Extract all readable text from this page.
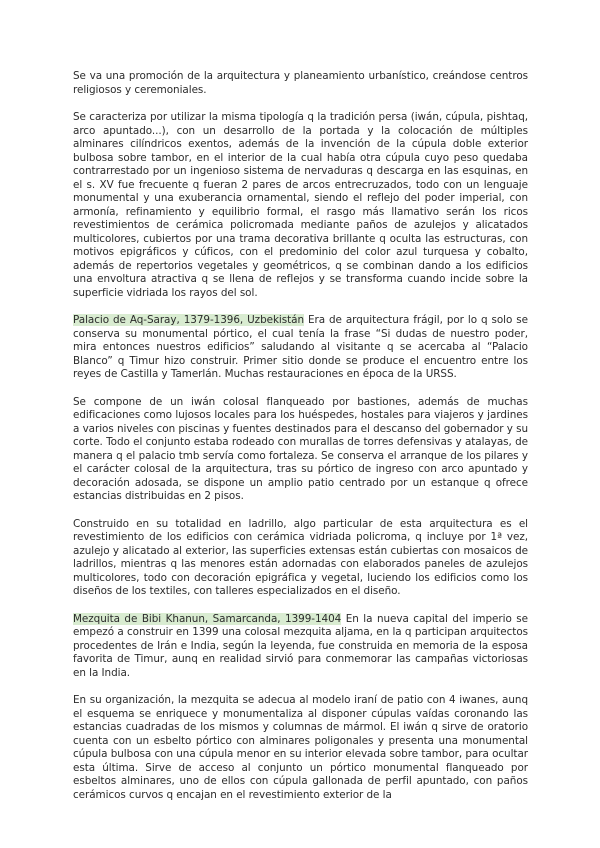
Se va una promoción de la arquitectura y planeamiento urbanístico, creándose centros religiosos y ceremoniales.

Se caracteriza por utilizar la misma tipología q la tradición persa (iwán, cúpula, pishtaq, arco apuntado...), con un desarrollo de la portada y la colocación de múltiples alminares cilíndricos exentos, además de la invención de la cúpula doble exterior bulbosa sobre tambor, en el interior de la cual había otra cúpula cuyo peso quedaba contrarrestado por un ingenioso sistema de nervaduras q descarga en las esquinas, en el s. XV fue frecuente q fueran 2 pares de arcos entrecruzados, todo con un lenguaje monumental y una exuberancia ornamental, siendo el reflejo del poder imperial, con armonía, refinamiento y equilibrio formal, el rasgo más llamativo serán los ricos revestimientos de cerámica policromada mediante paños de azulejos y alicatados multicolores, cubiertos por una trama decorativa brillante q oculta las estructuras, con motivos epigráficos y cúficos, con el predominio del color azul turquesa y cobalto, además de repertorios vegetales y geométricos, q se combinan dando a los edificios una envoltura atractiva q se llena de reflejos y se transforma cuando incide sobre la superficie vidriada los rayos del sol.

Palacio de Aq-Saray, 1379-1396, Uzbekistán Era de arquitectura frágil, por lo q solo se conserva su monumental pórtico, el cual tenía la frase “Si dudas de nuestro poder, mira entonces nuestros edificios” saludando al visitante q se acercaba al “Palacio Blanco” q Timur hizo construir. Primer sitio donde se produce el encuentro entre los reyes de Castilla y Tamerlán. Muchas restauraciones en época de la URSS.

Se compone de un iwán colosal flanqueado por bastiones, además de muchas edificaciones como lujosos locales para los huéspedes, hostales para viajeros y jardines a varios niveles con piscinas y fuentes destinados para el descanso del gobernador y su corte. Todo el conjunto estaba rodeado con murallas de torres defensivas y atalayas, de manera q el palacio tmb servía como fortaleza. Se conserva el arranque de los pilares y el carácter colosal de la arquitectura, tras su pórtico de ingreso con arco apuntado y decoración adosada, se dispone un amplio patio centrado por un estanque q ofrece estancias distribuidas en 2 pisos.

Construido en su totalidad en ladrillo, algo particular de esta arquitectura es el revestimiento de los edificios con cerámica vidriada policroma, q incluye por 1ª vez, azulejo y alicatado al exterior, las superficies extensas están cubiertas con mosaicos de ladrillos, mientras q las menores están adornadas con elaborados paneles de azulejos multicolores, todo con decoración epigráfica y vegetal, luciendo los edificios como los diseños de los textiles, con talleres especializados en el diseño.

Mezquita de Bibi Khanun, Samarcanda, 1399-1404 En la nueva capital del imperio se empezó a construir en 1399 una colosal mezquita aljama, en la q participan arquitectos procedentes de Irán e India, según la leyenda, fue construida en memoria de la esposa favorita de Timur, aunq en realidad sirvió para conmemorar las campañas victoriosas en la India.

En su organización, la mezquita se adecua al modelo iraní de patio con 4 iwanes, aunq el esquema se enriquece y monumentaliza al disponer cúpulas vaídas coronando las estancias cuadradas de los mismos y columnas de mármol. El iwán q sirve de oratorio cuenta con un esbelto pórtico con alminares poligonales y presenta una monumental cúpula bulbosa con una cúpula menor en su interior elevada sobre tambor, para ocultar esta última. Sirve de acceso al conjunto un pórtico monumental flanqueado por esbeltos alminares, uno de ellos con cúpula gallonada de perfil apuntado, con paños cerámicos curvos q encajan en el revestimiento exterior de la
